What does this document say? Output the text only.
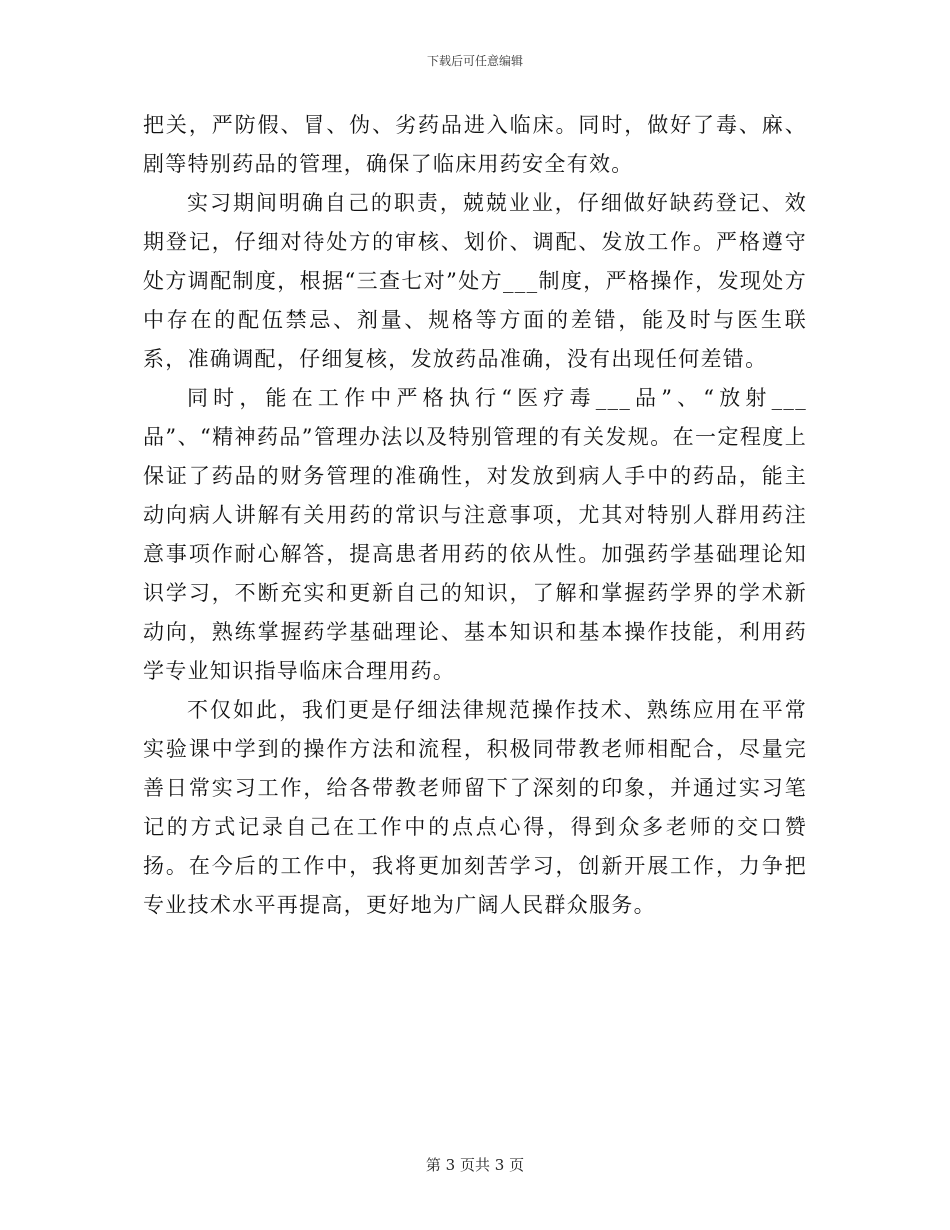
下载后可任意编辑

把关，严防假、冒、伪、劣药品进入临床。同时，做好了毒、麻、剧等特别药品的管理，确保了临床用药安全有效。

实习期间明确自己的职责，兢兢业业，仔细做好缺药登记、效期登记，仔细对待处方的审核、划价、调配、发放工作。严格遵守处方调配制度，根据“三查七对”处方___制度，严格操作，发现处方中存在的配伍禁忌、剂量、规格等方面的差错，能及时与医生联系，准确调配，仔细复核，发放药品准确，没有出现任何差错。

同时，能在工作中严格执行“医疗毒___品”、“放射___品”、“精神药品”管理办法以及特别管理的有关发规。在一定程度上保证了药品的财务管理的准确性，对发放到病人手中的药品，能主动向病人讲解有关用药的常识与注意事项，尤其对特别人群用药注意事项作耐心解答，提高患者用药的依从性。加强药学基础理论知识学习，不断充实和更新自己的知识，了解和掌握药学界的学术新动向，熟练掌握药学基础理论、基本知识和基本操作技能，利用药学专业知识指导临床合理用药。

不仅如此，我们更是仔细法律规范操作技术、熟练应用在平常实验课中学到的操作方法和流程，积极同带教老师相配合，尽量完善日常实习工作，给各带教老师留下了深刻的印象，并通过实习笔记的方式记录自己在工作中的点点心得，得到众多老师的交口赞扬。在今后的工作中，我将更加刻苦学习，创新开展工作，力争把专业技术水平再提高，更好地为广阔人民群众服务。

第 3 页共 3 页
